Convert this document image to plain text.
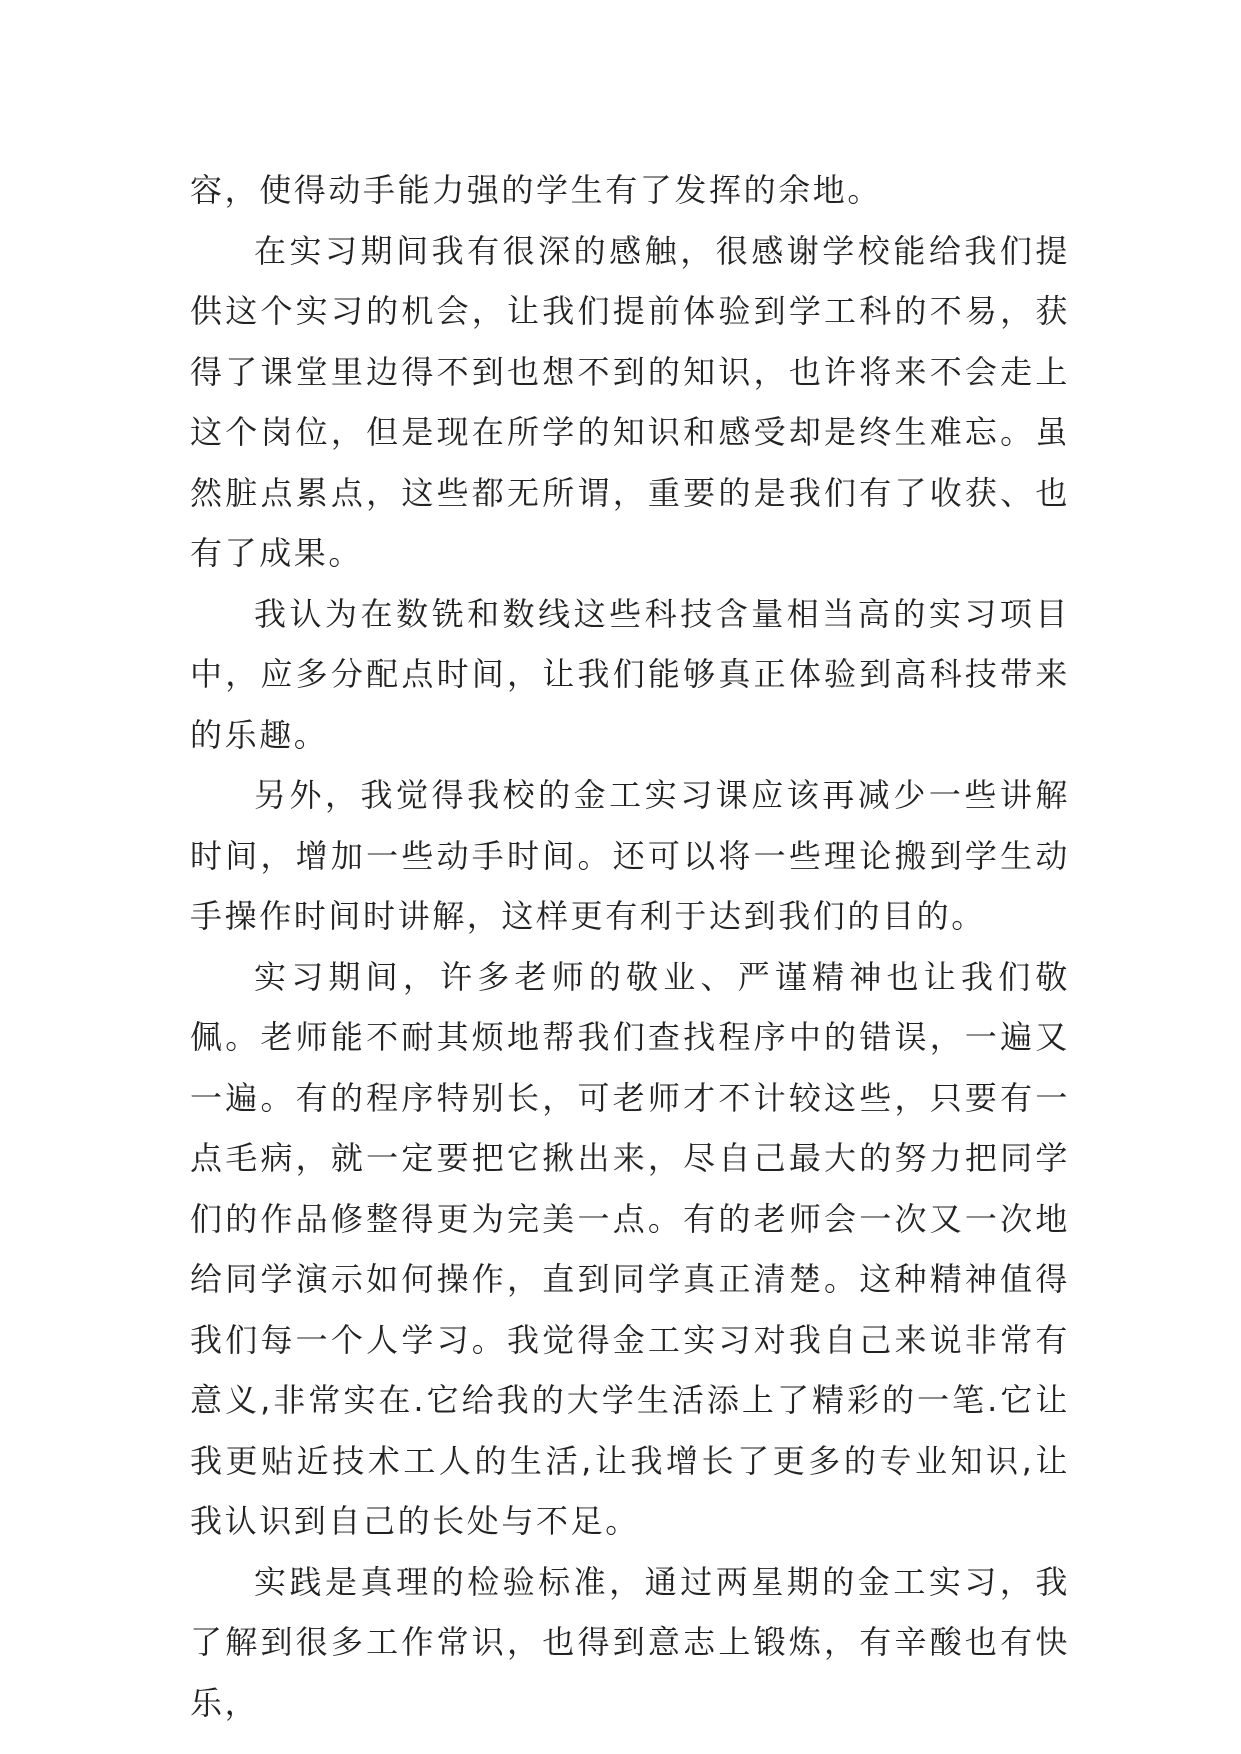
容，使得动手能力强的学生有了发挥的余地。

在实习期间我有很深的感触，很感谢学校能给我们提供这个实习的机会，让我们提前体验到学工科的不易，获得了课堂里边得不到也想不到的知识，也许将来不会走上这个岗位，但是现在所学的知识和感受却是终生难忘。虽然脏点累点，这些都无所谓，重要的是我们有了收获、也有了成果。

我认为在数铣和数线这些科技含量相当高的实习项目中，应多分配点时间，让我们能够真正体验到高科技带来的乐趣。

另外，我觉得我校的金工实习课应该再减少一些讲解时间，增加一些动手时间。还可以将一些理论搬到学生动手操作时间时讲解，这样更有利于达到我们的目的。

实习期间，许多老师的敬业、严谨精神也让我们敬佩。老师能不耐其烦地帮我们查找程序中的错误，一遍又一遍。有的程序特别长，可老师才不计较这些，只要有一点毛病，就一定要把它揪出来，尽自己最大的努力把同学们的作品修整得更为完美一点。有的老师会一次又一次地给同学演示如何操作，直到同学真正清楚。这种精神值得我们每一个人学习。我觉得金工实习对我自己来说非常有意义,非常实在.它给我的大学生活添上了精彩的一笔.它让我更贴近技术工人的生活,让我增长了更多的专业知识,让我认识到自己的长处与不足。

实践是真理的检验标准，通过两星期的金工实习，我了解到很多工作常识，也得到意志上锻炼，有辛酸也有快乐，
